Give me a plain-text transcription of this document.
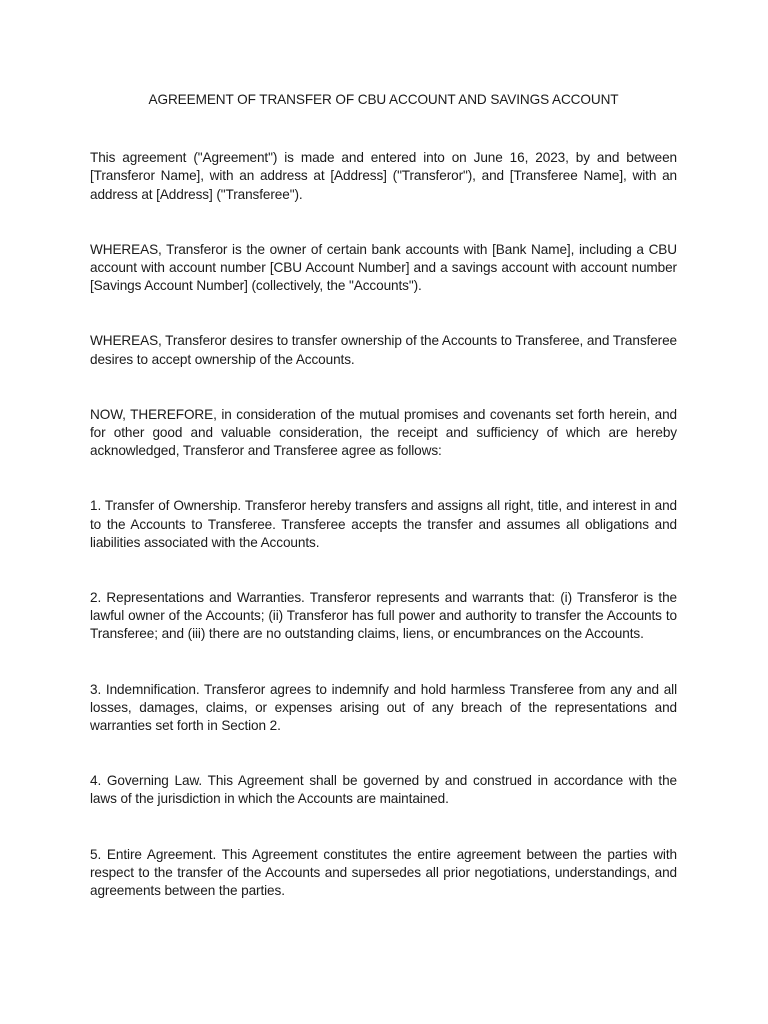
AGREEMENT OF TRANSFER OF CBU ACCOUNT AND SAVINGS ACCOUNT

This agreement ("Agreement") is made and entered into on June 16, 2023, by and between [Transferor Name], with an address at [Address] ("Transferor"), and [Transferee Name], with an address at [Address] ("Transferee").

WHEREAS, Transferor is the owner of certain bank accounts with [Bank Name], including a CBU account with account number [CBU Account Number] and a savings account with account number [Savings Account Number] (collectively, the "Accounts").

WHEREAS, Transferor desires to transfer ownership of the Accounts to Transferee, and Transferee desires to accept ownership of the Accounts.

NOW, THEREFORE, in consideration of the mutual promises and covenants set forth herein, and for other good and valuable consideration, the receipt and sufficiency of which are hereby acknowledged, Transferor and Transferee agree as follows:

1. Transfer of Ownership. Transferor hereby transfers and assigns all right, title, and interest in and to the Accounts to Transferee. Transferee accepts the transfer and assumes all obligations and liabilities associated with the Accounts.

2. Representations and Warranties. Transferor represents and warrants that: (i) Transferor is the lawful owner of the Accounts; (ii) Transferor has full power and authority to transfer the Accounts to Transferee; and (iii) there are no outstanding claims, liens, or encumbrances on the Accounts.

3. Indemnification. Transferor agrees to indemnify and hold harmless Transferee from any and all losses, damages, claims, or expenses arising out of any breach of the representations and warranties set forth in Section 2.

4. Governing Law. This Agreement shall be governed by and construed in accordance with the laws of the jurisdiction in which the Accounts are maintained.

5. Entire Agreement. This Agreement constitutes the entire agreement between the parties with respect to the transfer of the Accounts and supersedes all prior negotiations, understandings, and agreements between the parties.
